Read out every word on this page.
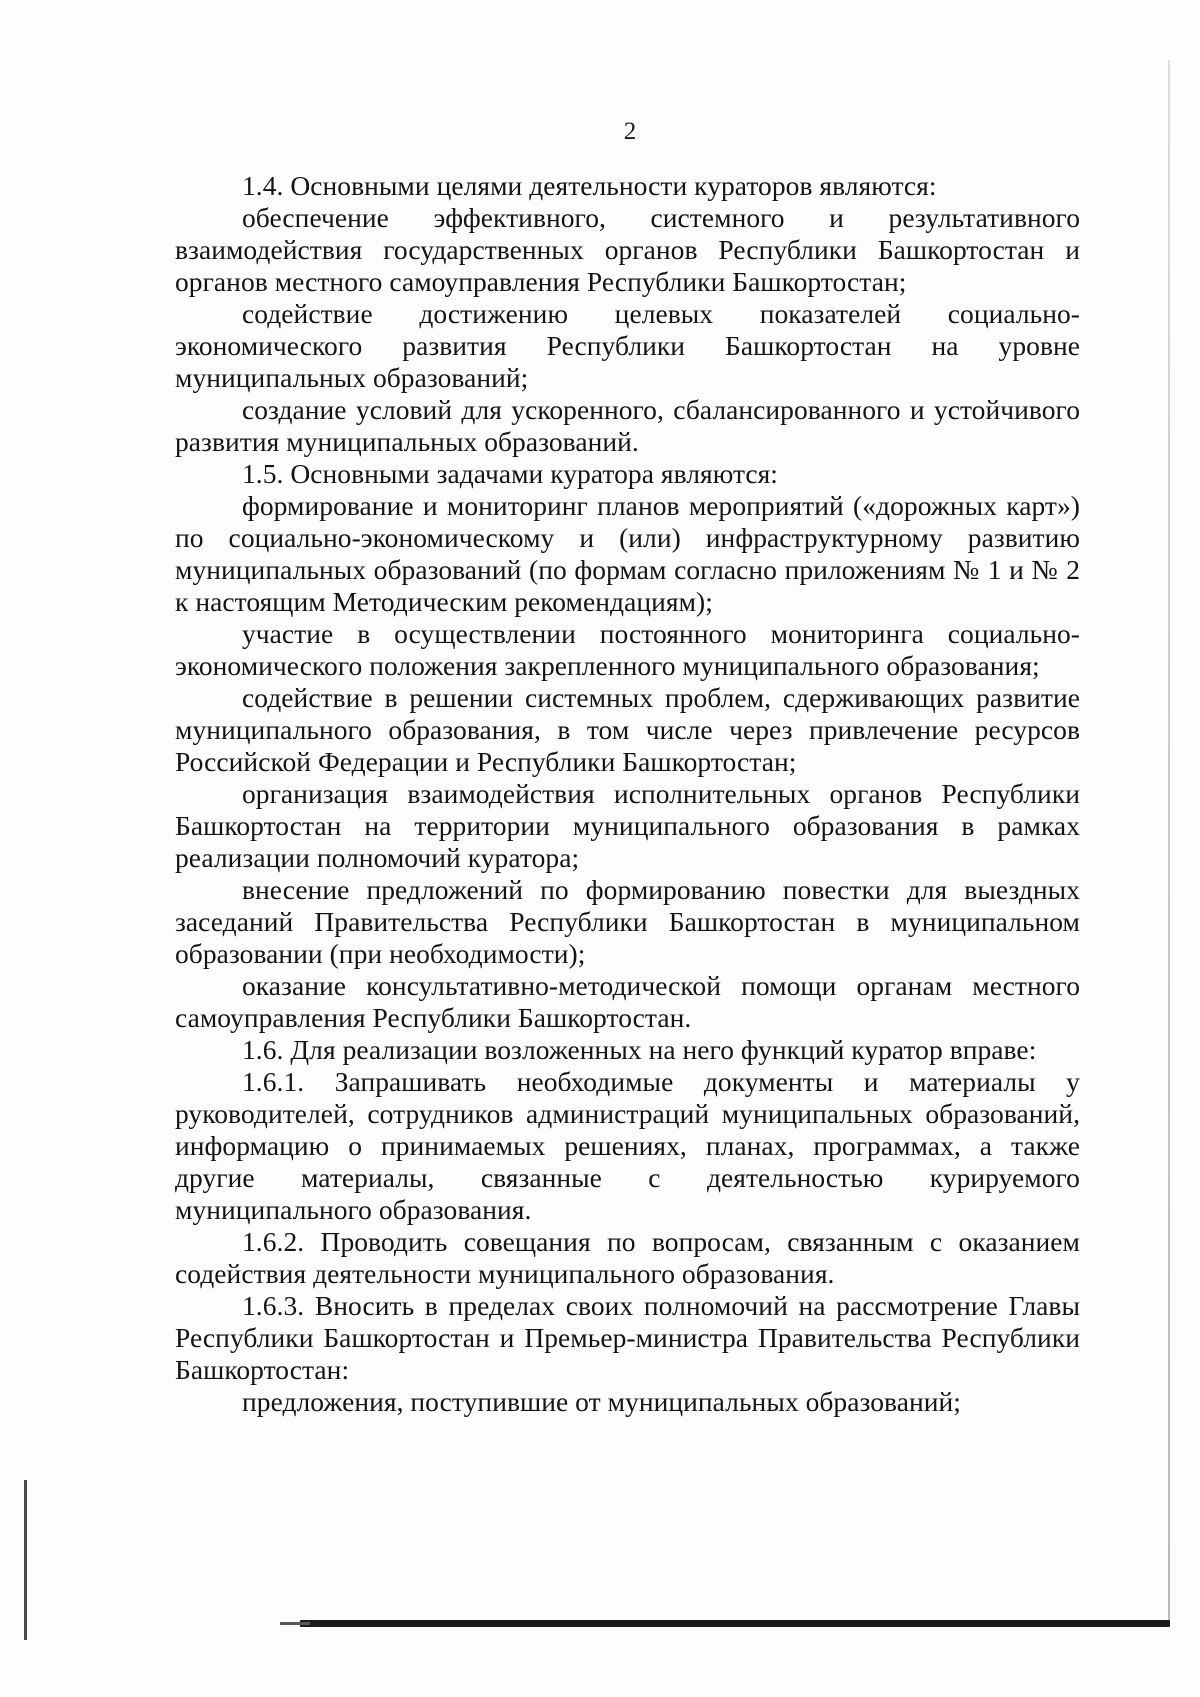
2

1.4. Основными целями деятельности кураторов являются:

обеспечение эффективного, системного и результативного взаимодействия государственных органов Республики Башкортостан и органов местного самоуправления Республики Башкортостан;

содействие достижению целевых показателей социально-экономического развития Республики Башкортостан на уровне муниципальных образований;

создание условий для ускоренного, сбалансированного и устойчивого развития муниципальных образований.

1.5. Основными задачами куратора являются:

формирование и мониторинг планов мероприятий («дорожных карт») по социально-экономическому и (или) инфраструктурному развитию муниципальных образований (по формам согласно приложениям № 1 и № 2 к настоящим Методическим рекомендациям);

участие в осуществлении постоянного мониторинга социально-экономического положения закрепленного муниципального образования;

содействие в решении системных проблем, сдерживающих развитие муниципального образования, в том числе через привлечение ресурсов Российской Федерации и Республики Башкортостан;

организация взаимодействия исполнительных органов Республики Башкортостан на территории муниципального образования в рамках реализации полномочий куратора;

внесение предложений по формированию повестки для выездных заседаний Правительства Республики Башкортостан в муниципальном образовании (при необходимости);

оказание консультативно-методической помощи органам местного самоуправления Республики Башкортостан.

1.6. Для реализации возложенных на него функций куратор вправе:

1.6.1. Запрашивать необходимые документы и материалы у руководителей, сотрудников администраций муниципальных образований, информацию о принимаемых решениях, планах, программах, а также другие материалы, связанные с деятельностью курируемого муниципального образования.

1.6.2. Проводить совещания по вопросам, связанным с оказанием содействия деятельности муниципального образования.

1.6.3. Вносить в пределах своих полномочий на рассмотрение Главы Республики Башкортостан и Премьер-министра Правительства Республики Башкортостан:

предложения, поступившие от муниципальных образований;
